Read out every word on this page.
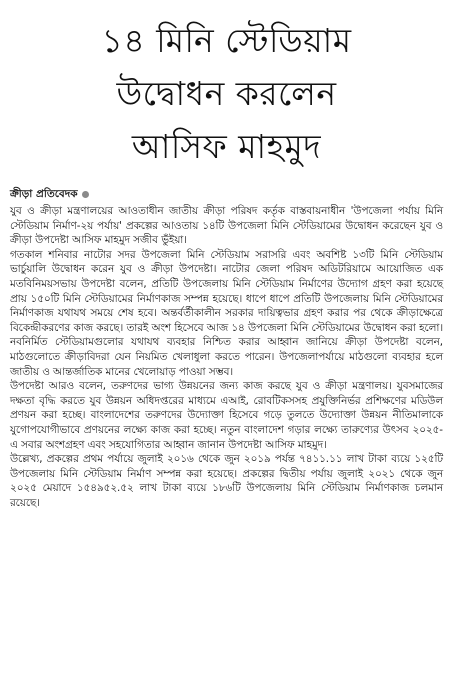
১৪ মিনি স্টেডিয়াম
উদ্বোধন করলেন
আসিফ মাহমুদ
ক্রীড়া প্রতিবেদক

যুব ও ক্রীড়া মন্ত্রণালয়ের আওতাধীন জাতীয় ক্রীড়া পরিষদ কর্তৃক বাস্তবায়নাধীন 'উপজেলা পর্যায় মিনি স্টেডিয়াম নির্মাণ-২য় পর্যায়' প্রকল্পের আওতায় ১৪টি উপজেলা মিনি স্টেডিয়ামের উদ্বোধন করেছেন যুব ও ক্রীড়া উপদেষ্টা আসিফ মাহমুদ সজীব ভুঁইয়া।

গতকাল শনিবার নাটোর সদর উপজেলা মিনি স্টেডিয়াম সরাসরি এবং অবশিষ্ট ১৩টি মিনি স্টেডিয়াম ভার্চুয়ালি উদ্বোধন করেন যুব ও ক্রীড়া উপদেষ্টা। নাটোর জেলা পরিষদ অডিটরিয়ামে আয়োজিত এক মতবিনিময়সভায় উপদেষ্টা বলেন, প্রতিটি উপজেলায় মিনি স্টেডিয়াম নির্মাণের উদ্যোগ গ্রহণ করা হয়েছে প্রায় ১৫০টি মিনি স্টেডিয়ামের নির্মাণকাজ সম্পন্ন হয়েছে। ধাপে ধাপে প্রতিটি উপজেলায় মিনি স্টেডিয়ামের নির্মাণকাজ যথাযথ সময়ে শেষ হবে। অন্তর্বর্তীকালীন সরকার দায়িত্বভার গ্রহণ করার পর থেকে ক্রীড়াক্ষেত্রে বিকেন্দ্রীকরণের কাজ করছে। তারই অংশ হিসেবে আজ ১৪ উপজেলা মিনি স্টেডিয়ামের উদ্বোধন করা হলো। নবনির্মিত স্টেডিয়ামগুলোর যথাযথ ব্যবহার নিশ্চিত করার আহ্বান জানিয়ে ক্রীড়া উপদেষ্টা বলেন, মাঠগুলোতে ক্রীড়াবিদরা যেন নিয়মিত খেলাধুলা করতে পারেন। উপজেলাপর্যায়ে মাঠগুলো ব্যবহার হলে জাতীয় ও আন্তর্জাতিক মানের খেলোয়াড় পাওয়া সম্ভব।

উপদেষ্টা আরও বলেন, তরুণদের ভাগ্য উন্নয়নের জন্য কাজ করছে যুব ও ক্রীড়া মন্ত্রণালয়। যুবসমাজের দক্ষতা বৃদ্ধি করতে যুব উন্নয়ন অধিদপ্তরের মাধ্যমে এআই, রোবটিকসসহ প্রযুক্তিনির্ভর প্রশিক্ষণের মডিউল প্রণয়ন করা হচ্ছে। বাংলাদেশের তরুণদের উদ্যোক্তা হিসেবে গড়ে তুলতে উদ্যোক্তা উন্নয়ন নীতিমালাকে যুগোপযোগীভাবে প্রণয়নের লক্ষ্যে কাজ করা হচ্ছে। নতুন বাংলাদেশ গড়ার লক্ষ্যে তারুণ্যের উৎসব ২০২৫-এ সবার অংশগ্রহণ এবং সহযোগিতার আহ্বান জানান উপদেষ্টা আসিফ মাহমুদ।

উল্লেখ্য, প্রকল্পের প্রথম পর্যায়ে জুলাই ২০১৬ থেকে জুন ২০১৯ পর্যন্ত ৭৪১১.১১ লাখ টাকা ব্যয়ে ১২৫টি উপজেলায় মিনি স্টেডিয়াম নির্মাণ সম্পন্ন করা হয়েছে। প্রকল্পের দ্বিতীয় পর্যায় জুলাই ২০২১ থেকে জুন ২০২৫ মেয়াদে ১৫৪৯৫২.৫২ লাখ টাকা ব্যয়ে ১৮৬টি উপজেলায় মিনি স্টেডিয়াম নির্মাণকাজ চলমান রয়েছে।
